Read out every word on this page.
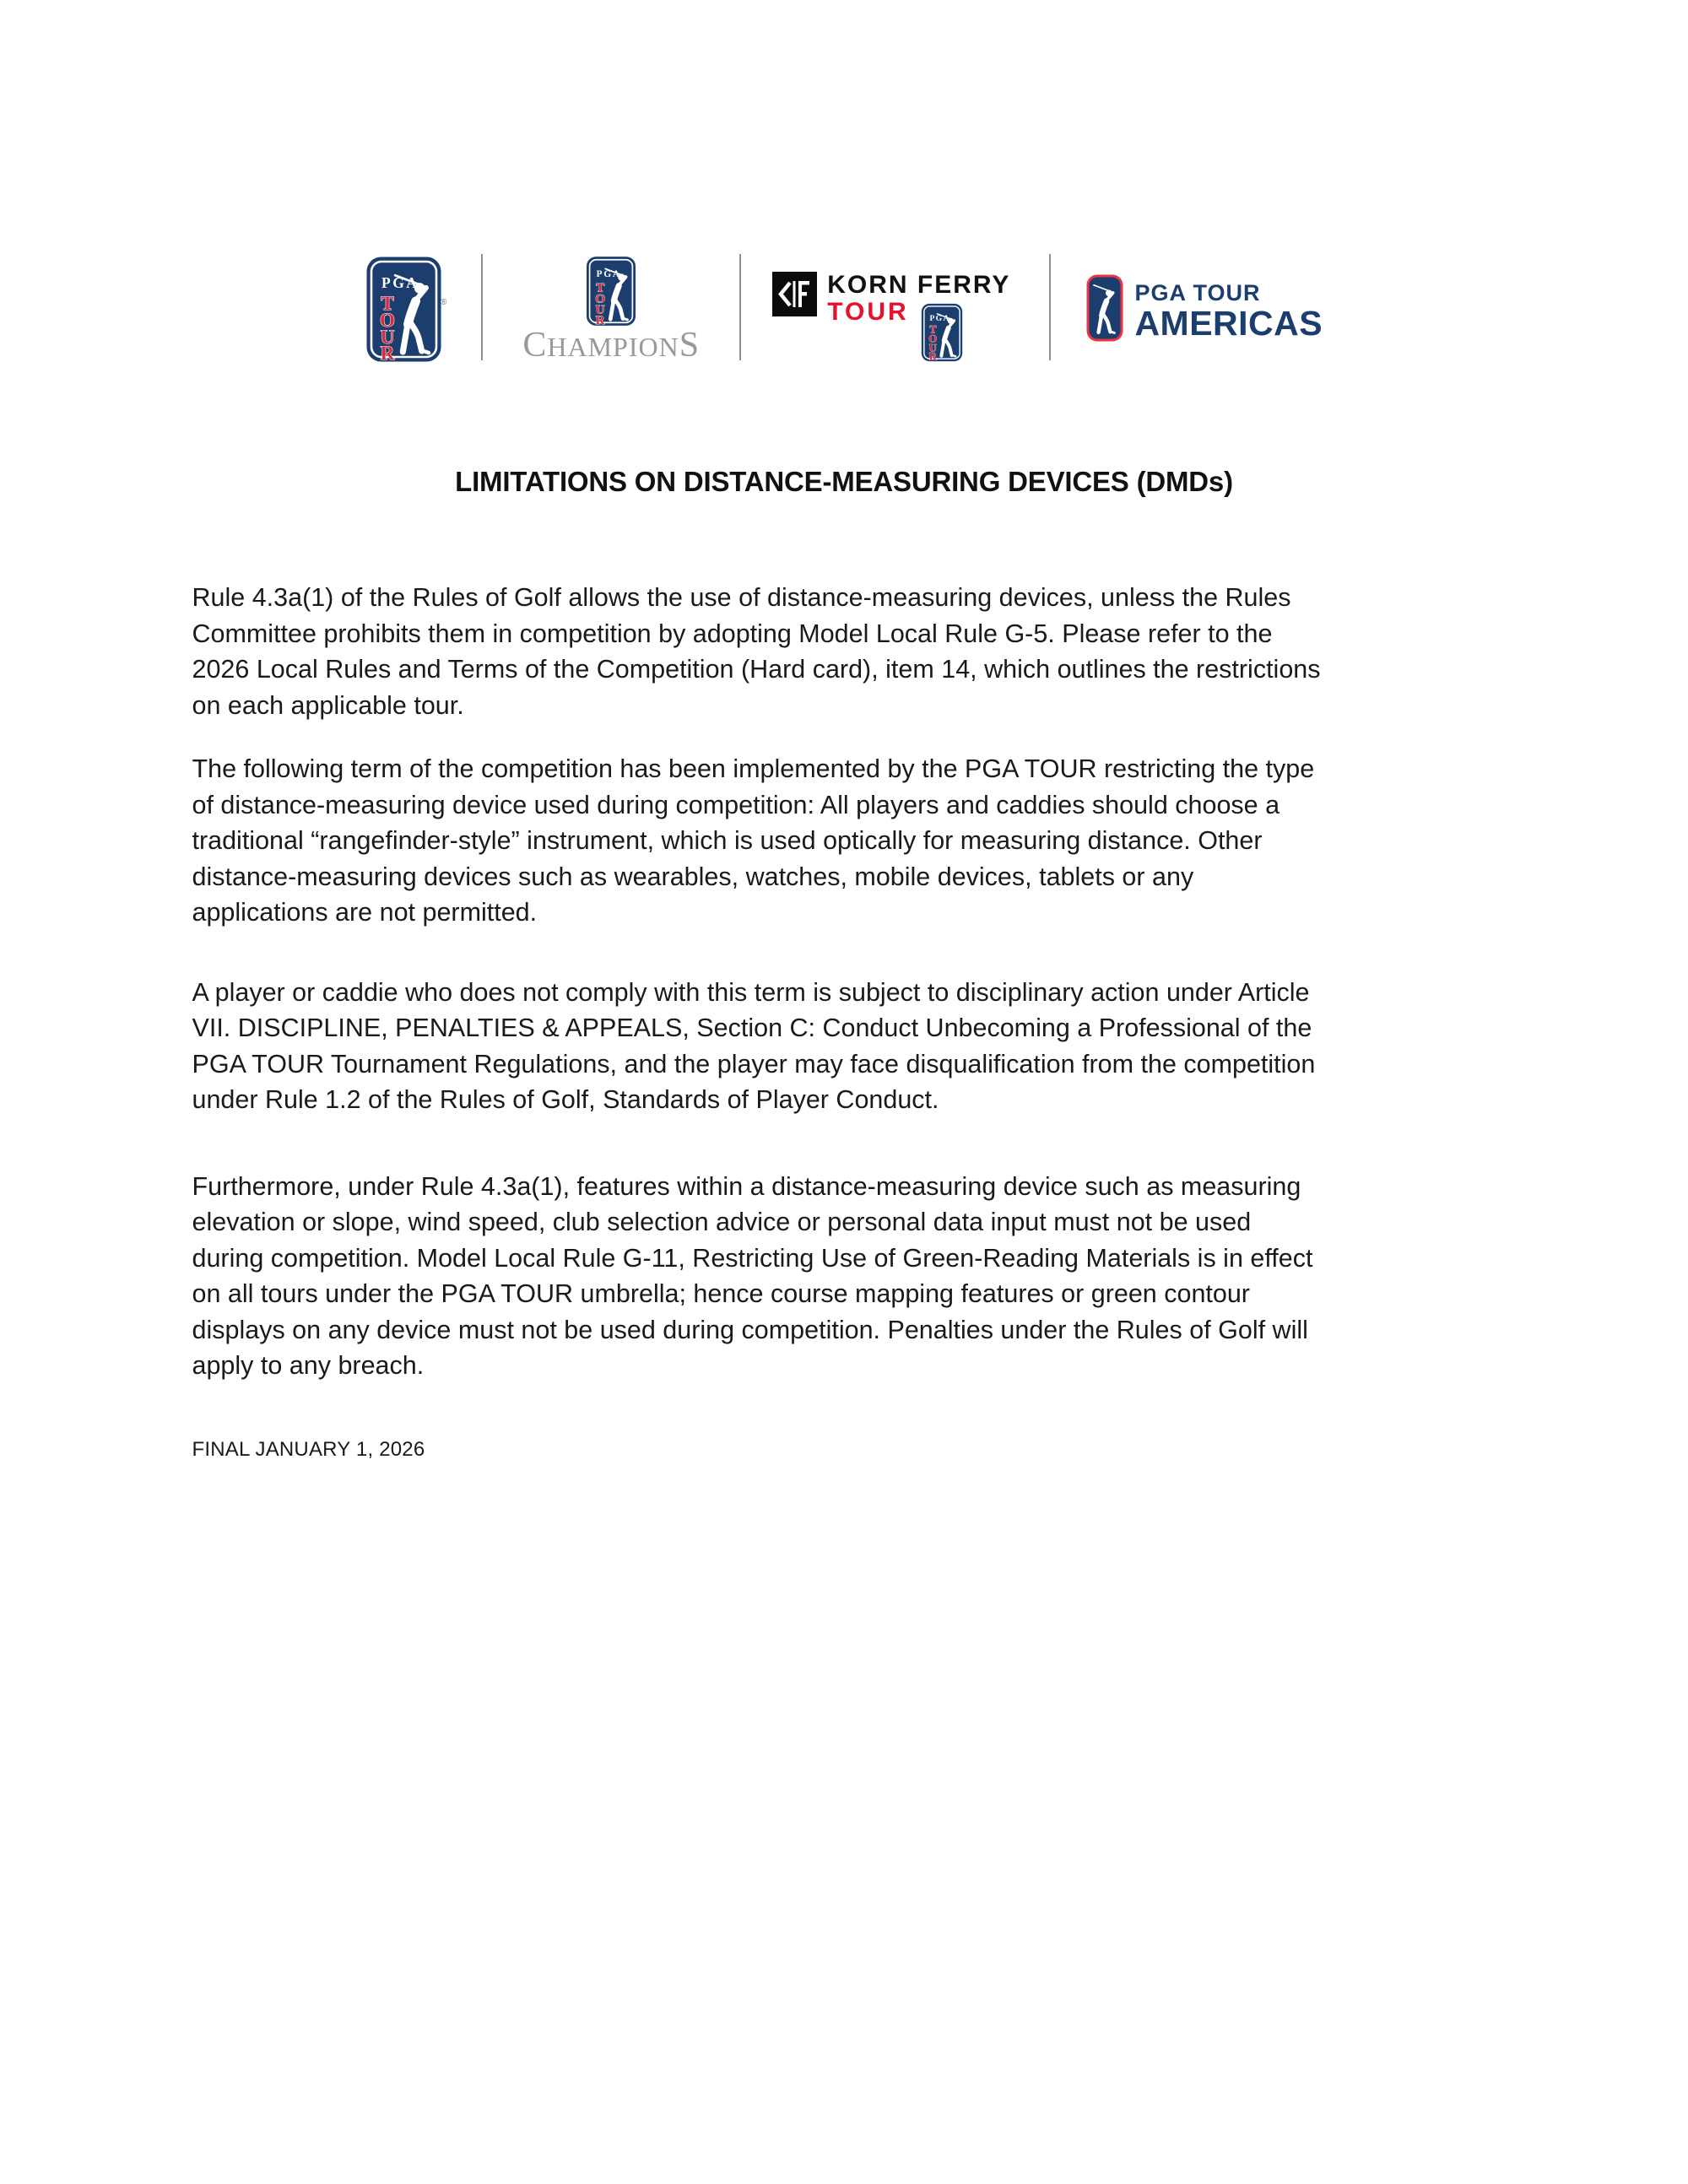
®
CHAMPIONS
KORN FERRY
TOUR
PGA TOUR
AMERICAS
LIMITATIONS ON DISTANCE-MEASURING DEVICES (DMDs)
Rule 4.3a(1) of the Rules of Golf allows the use of distance-measuring devices, unless the Rules
Committee prohibits them in competition by adopting Model Local Rule G-5. Please refer to the
2026 Local Rules and Terms of the Competition (Hard card), item 14, which outlines the restrictions
on each applicable tour.
The following term of the competition has been implemented by the PGA TOUR restricting the type
of distance-measuring device used during competition: All players and caddies should choose a
traditional “rangefinder-style” instrument, which is used optically for measuring distance. Other
distance-measuring devices such as wearables, watches, mobile devices, tablets or any
applications are not permitted.
A player or caddie who does not comply with this term is subject to disciplinary action under Article
VII. DISCIPLINE, PENALTIES & APPEALS, Section C: Conduct Unbecoming a Professional of the
PGA TOUR Tournament Regulations, and the player may face disqualification from the competition
under Rule 1.2 of the Rules of Golf, Standards of Player Conduct.
Furthermore, under Rule 4.3a(1), features within a distance-measuring device such as measuring
elevation or slope, wind speed, club selection advice or personal data input must not be used
during competition. Model Local Rule G-11, Restricting Use of Green-Reading Materials is in effect
on all tours under the PGA TOUR umbrella; hence course mapping features or green contour
displays on any device must not be used during competition. Penalties under the Rules of Golf will
apply to any breach.
FINAL JANUARY 1, 2026
